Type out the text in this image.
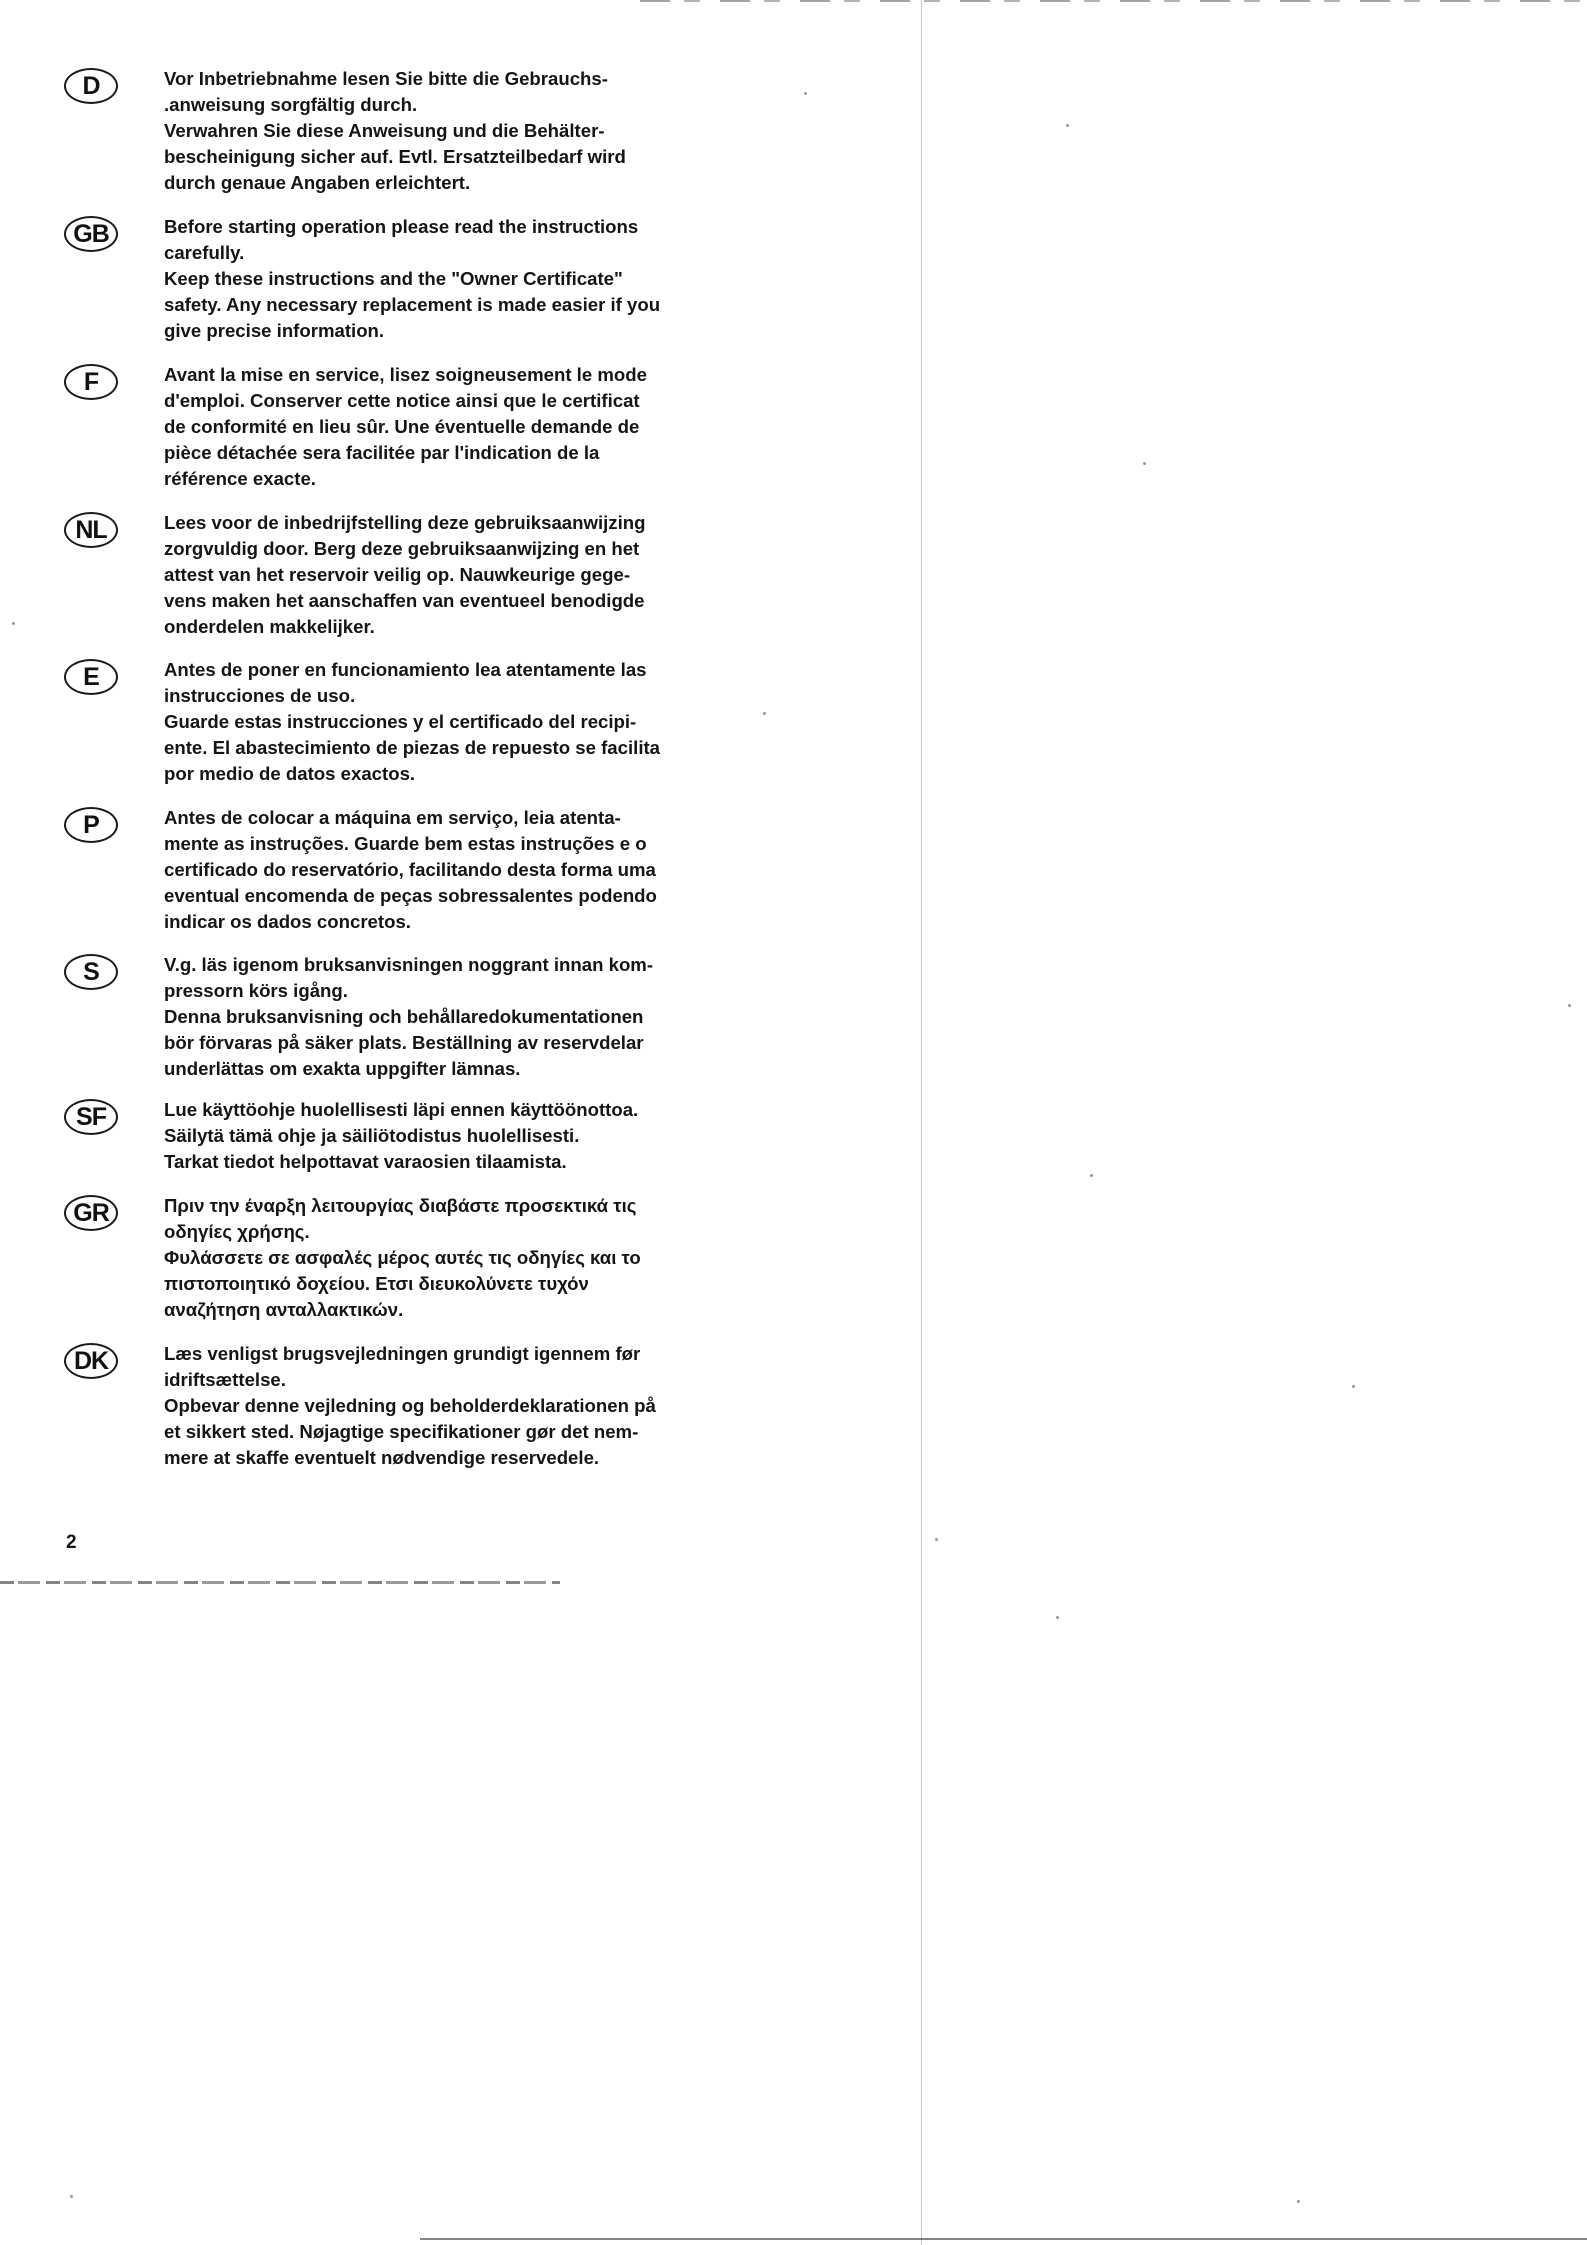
D	Vor Inbetriebnahme lesen Sie bitte die Gebrauchs-
.anweisung sorgfältig durch.
Verwahren Sie diese Anweisung und die Behälter-
bescheinigung sicher auf. Evtl. Ersatzteilbedarf wird
durch genaue Angaben erleichtert.
GB	Before starting operation please read the instructions
carefully.
Keep these instructions and the "Owner Certificate"
safety. Any necessary replacement is made easier if you
give precise information.
F	Avant la mise en service, lisez soigneusement le mode
d'emploi. Conserver cette notice ainsi que le certificat
de conformité en lieu sûr. Une éventuelle demande de
pièce détachée sera facilitée par l'indication de la
référence exacte.
NL	Lees voor de inbedrijfstelling deze gebruiksaanwijzing
zorgvuldig door. Berg deze gebruiksaanwijzing en het
attest van het reservoir veilig op. Nauwkeurige gege-
vens maken het aanschaffen van eventueel benodigde
onderdelen makkelijker.
E	Antes de poner en funcionamiento lea atentamente las
instrucciones de uso.
Guarde estas instrucciones y el certificado del recipi-
ente. El abastecimiento de piezas de repuesto se facilita
por medio de datos exactos.
P	Antes de colocar a máquina em serviço, leia atenta-
mente as instruções. Guarde bem estas instruções e o
certificado do reservatório, facilitando desta forma uma
eventual encomenda de peças sobressalentes podendo
indicar os dados concretos.
S	V.g. läs igenom bruksanvisningen noggrant innan kom-
pressorn körs igång.
Denna bruksanvisning och behållaredokumentationen
bör förvaras på säker plats. Beställning av reservdelar
underlättas om exakta uppgifter lämnas.
SF	Lue käyttöohje huolellisesti läpi ennen käyttöönottoa.
Säilytä tämä ohje ja säiliötodistus huolellisesti.
Tarkat tiedot helpottavat varaosien tilaamista.
GR	Πριν την έναρξη λειτουργίας διαβάστε προσεκτικά τις
οδηγίες χρήσης.
Φυλάσσετε σε ασφαλές μέρος αυτές τις οδηγίες και το
πιστοποιητικό δοχείου. Ετσι διευκολύνετε τυχόν
αναζήτηση ανταλλακτικών.
DK	Læs venligst brugsvejledningen grundigt igennem før
idriftsættelse.
Opbevar denne vejledning og beholderdeklarationen på
et sikkert sted. Nøjagtige specifikationer gør det nem-
mere at skaffe eventuelt nødvendige reservedele.
2
